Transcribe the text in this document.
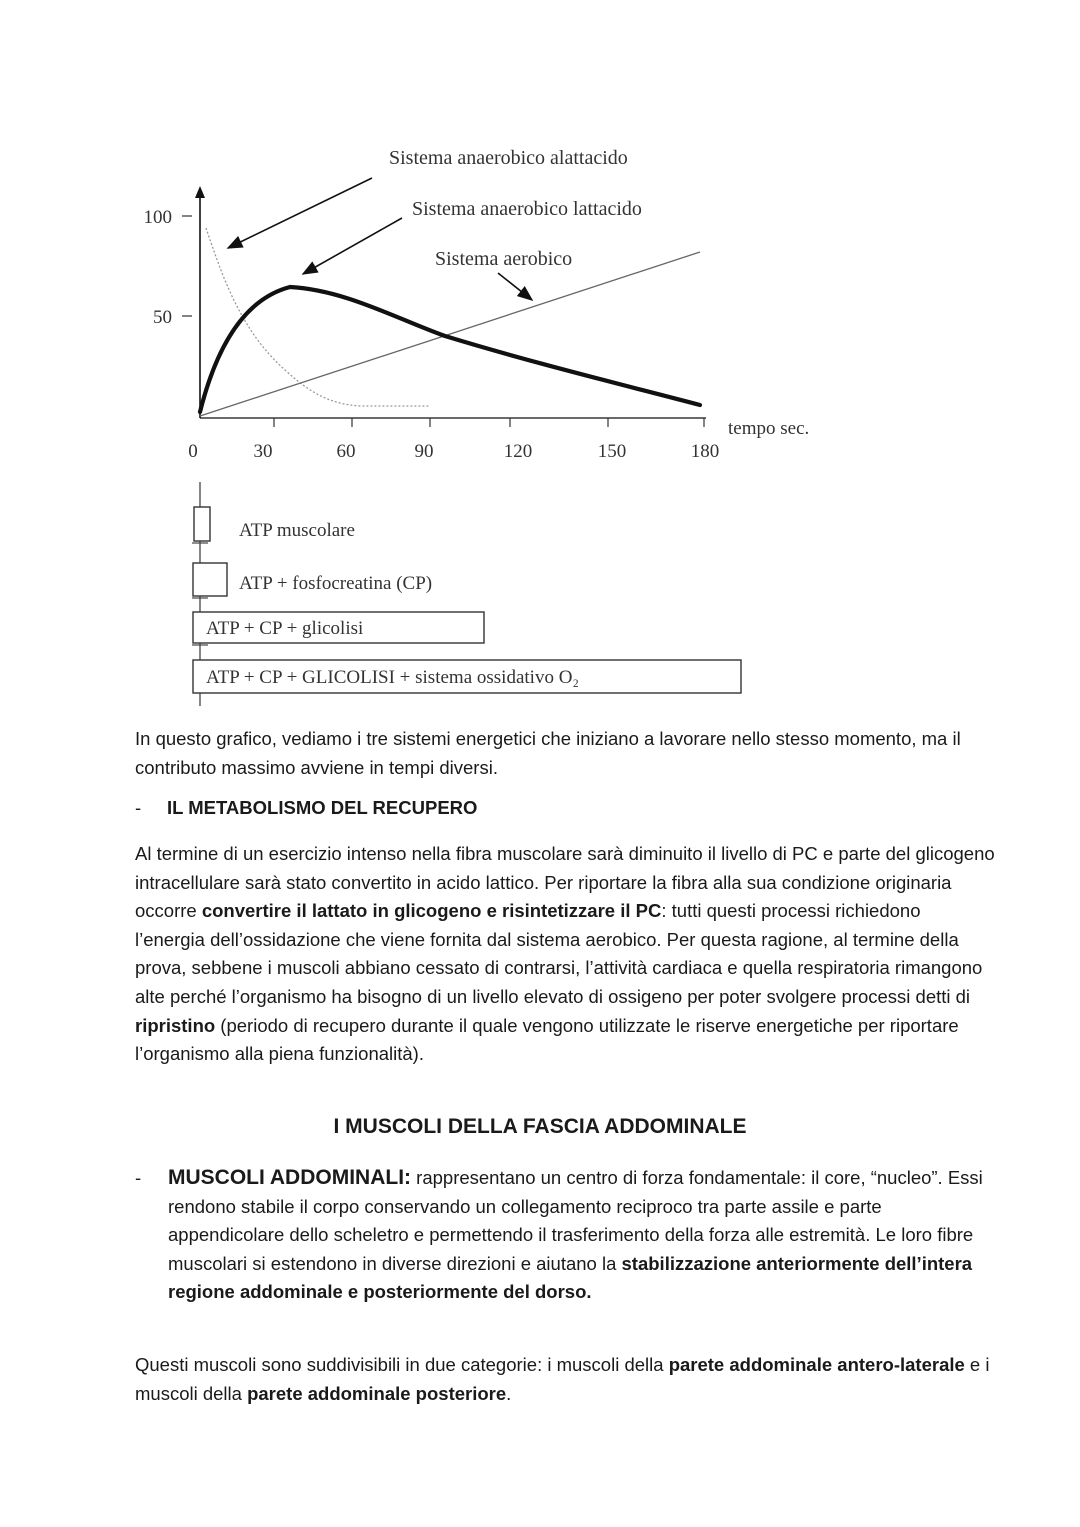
100
50
0	30	60	90	120	150	180
tempo sec.
Sistema anaerobico alattacido
Sistema anaerobico lattacido
Sistema aerobico
ATP muscolare
ATP + fosfocreatina (CP)
ATP + CP + glicolisi
ATP + CP + GLICOLISI + sistema ossidativo O₂
In questo grafico, vediamo i tre sistemi energetici che iniziano a lavorare nello stesso momento, ma il contributo massimo avviene in tempi diversi.
- IL METABOLISMO DEL RECUPERO
Al termine di un esercizio intenso nella fibra muscolare sarà diminuito il livello di PC e parte del glicogeno intracellulare sarà stato convertito in acido lattico. Per riportare la fibra alla sua condizione originaria occorre convertire il lattato in glicogeno e risintetizzare il PC: tutti questi processi richiedono l’energia dell’ossidazione che viene fornita dal sistema aerobico. Per questa ragione, al termine della prova, sebbene i muscoli abbiano cessato di contrarsi, l’attività cardiaca e quella respiratoria rimangono alte perché l’organismo ha bisogno di un livello elevato di ossigeno per poter svolgere processi detti di ripristino (periodo di recupero durante il quale vengono utilizzate le riserve energetiche per riportare l’organismo alla piena funzionalità).
I MUSCOLI DELLA FASCIA ADDOMINALE
- MUSCOLI ADDOMINALI: rappresentano un centro di forza fondamentale: il core, “nucleo”. Essi rendono stabile il corpo conservando un collegamento reciproco tra parte assile e parte appendicolare dello scheletro e permettendo il trasferimento della forza alle estremità. Le loro fibre muscolari si estendono in diverse direzioni e aiutano la stabilizzazione anteriormente dell’intera regione addominale e posteriormente del dorso.
Questi muscoli sono suddivisibili in due categorie: i muscoli della parete addominale antero-laterale e i muscoli della parete addominale posteriore.
